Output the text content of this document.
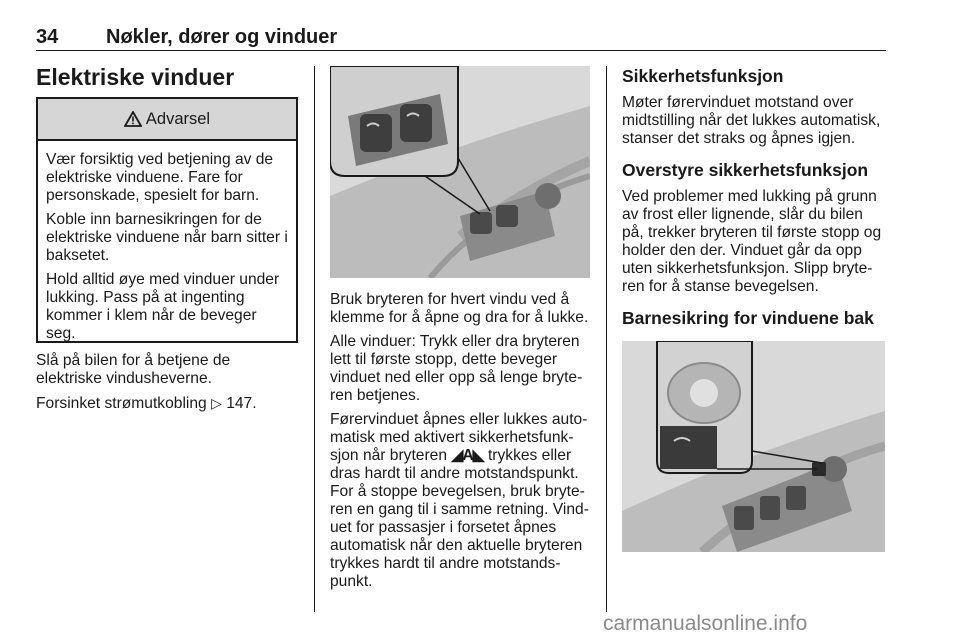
34 Nøkler, dører og vinduer
Elektriske vinduer
Advarsel

Vær forsiktig ved betjening av de elektriske vinduene. Fare for personskade, spesielt for barn.

Koble inn barnesikringen for de elektriske vinduene når barn sitter i baksetet.

Hold alltid øye med vinduer under lukking. Pass på at ingenting kommer i klem når de beveger seg.

Slå på bilen for å betjene de elektriske vindusheverne.

Forsinket strømutkobling ▷ 147.

Bruk bryteren for hvert vindu ved å klemme for å åpne og dra for å lukke.

Alle vinduer: Trykk eller dra bryteren lett til første stopp, dette beveger vinduet ned eller opp så lenge bryte-ren betjenes.

Førervinduet åpnes eller lukkes auto-matisk med aktivert sikkerhetsfunk-sjon når bryteren ◢A◣ trykkes eller dras hardt til andre motstandspunkt.

For å stoppe bevegelsen, bruk bryte-ren en gang til i samme retning. Vind-uet for passasjer i forsetet åpnes automatisk når den aktuelle bryteren trykkes hardt til andre motstands-punkt.

Sikkerhetsfunksjon

Møter førervinduet motstand over midtstilling når det lukkes automatisk, stanser det straks og åpnes igjen.

Overstyre sikkerhetsfunksjon

Ved problemer med lukking på grunn av frost eller lignende, slår du bilen på, trekker bryteren til første stopp og holder den der. Vinduet går da opp uten sikkerhetsfunksjon. Slipp bryte-ren for å stanse bevegelsen.

Barnesikring for vinduene bak
carmanualsonline.info
